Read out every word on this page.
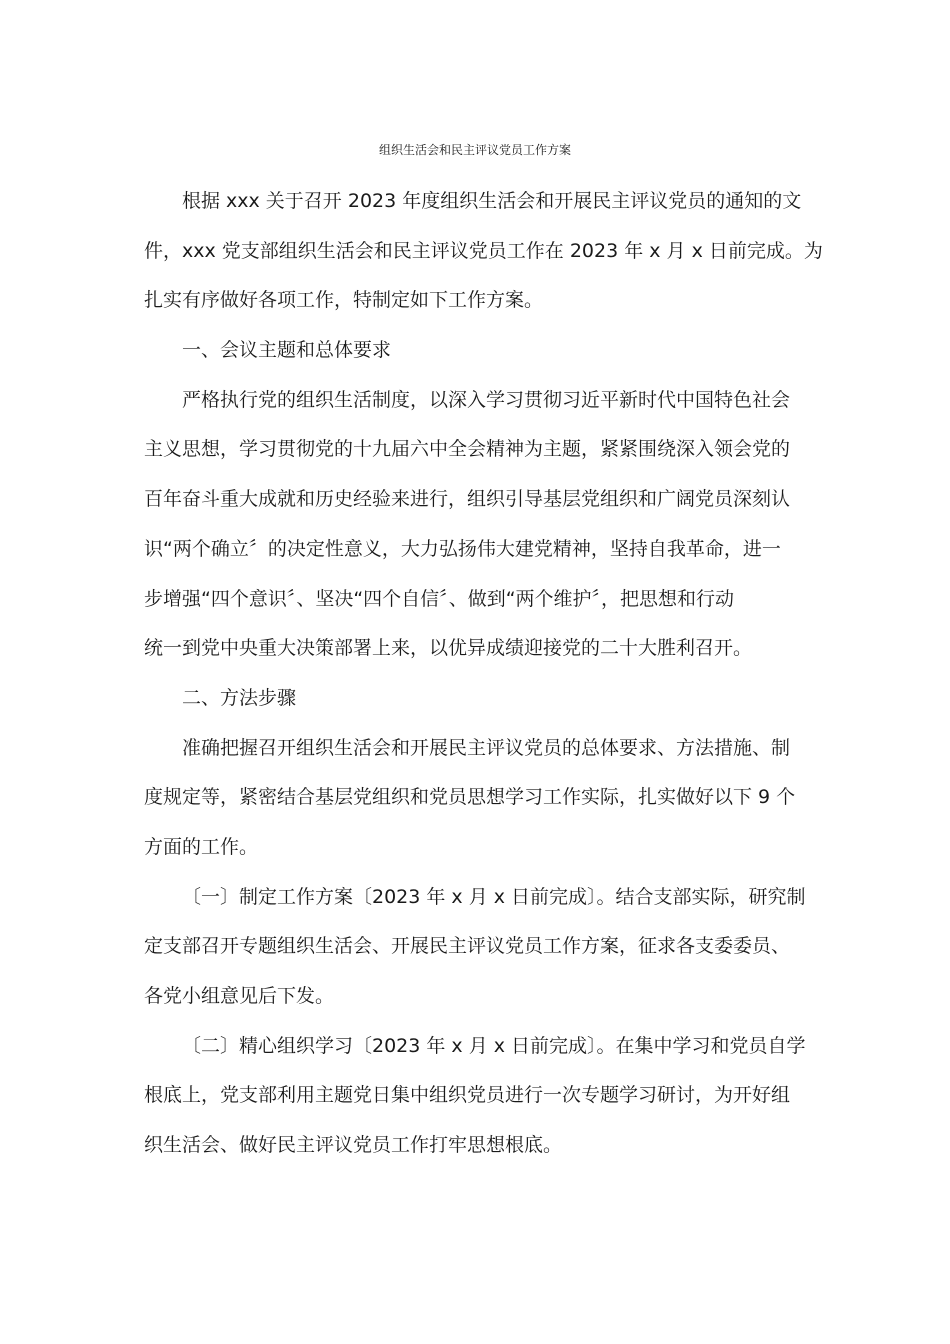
组织生活会和民主评议党员工作方案
根据 xxx 关于召开 2023 年度组织生活会和开展民主评议党员的通知的文
件，xxx 党支部组织生活会和民主评议党员工作在 2023 年 x 月 x 日前完成。为
扎实有序做好各项工作，特制定如下工作方案。
一、会议主题和总体要求
严格执行党的组织生活制度，以深入学习贯彻习近平新时代中国特色社会
主义思想，学习贯彻党的十九届六中全会精神为主题，紧紧围绕深入领会党的
百年奋斗重大成就和历史经验来进行，组织引导基层党组织和广阔党员深刻认
识“两个确立〞的决定性意义，大力弘扬伟大建党精神，坚持自我革命，进一
步增强“四个意识〞、坚决“四个自信〞、做到“两个维护〞，把思想和行动
统一到党中央重大决策部署上来，以优异成绩迎接党的二十大胜利召开。
二、方法步骤
准确把握召开组织生活会和开展民主评议党员的总体要求、方法措施、制
度规定等，紧密结合基层党组织和党员思想学习工作实际，扎实做好以下 9 个
方面的工作。
〔一〕制定工作方案〔2023 年 x 月 x 日前完成〕。结合支部实际，研究制
定支部召开专题组织生活会、开展民主评议党员工作方案，征求各支委委员、
各党小组意见后下发。
〔二〕精心组织学习〔2023 年 x 月 x 日前完成〕。在集中学习和党员自学
根底上，党支部利用主题党日集中组织党员进行一次专题学习研讨，为开好组
织生活会、做好民主评议党员工作打牢思想根底。
